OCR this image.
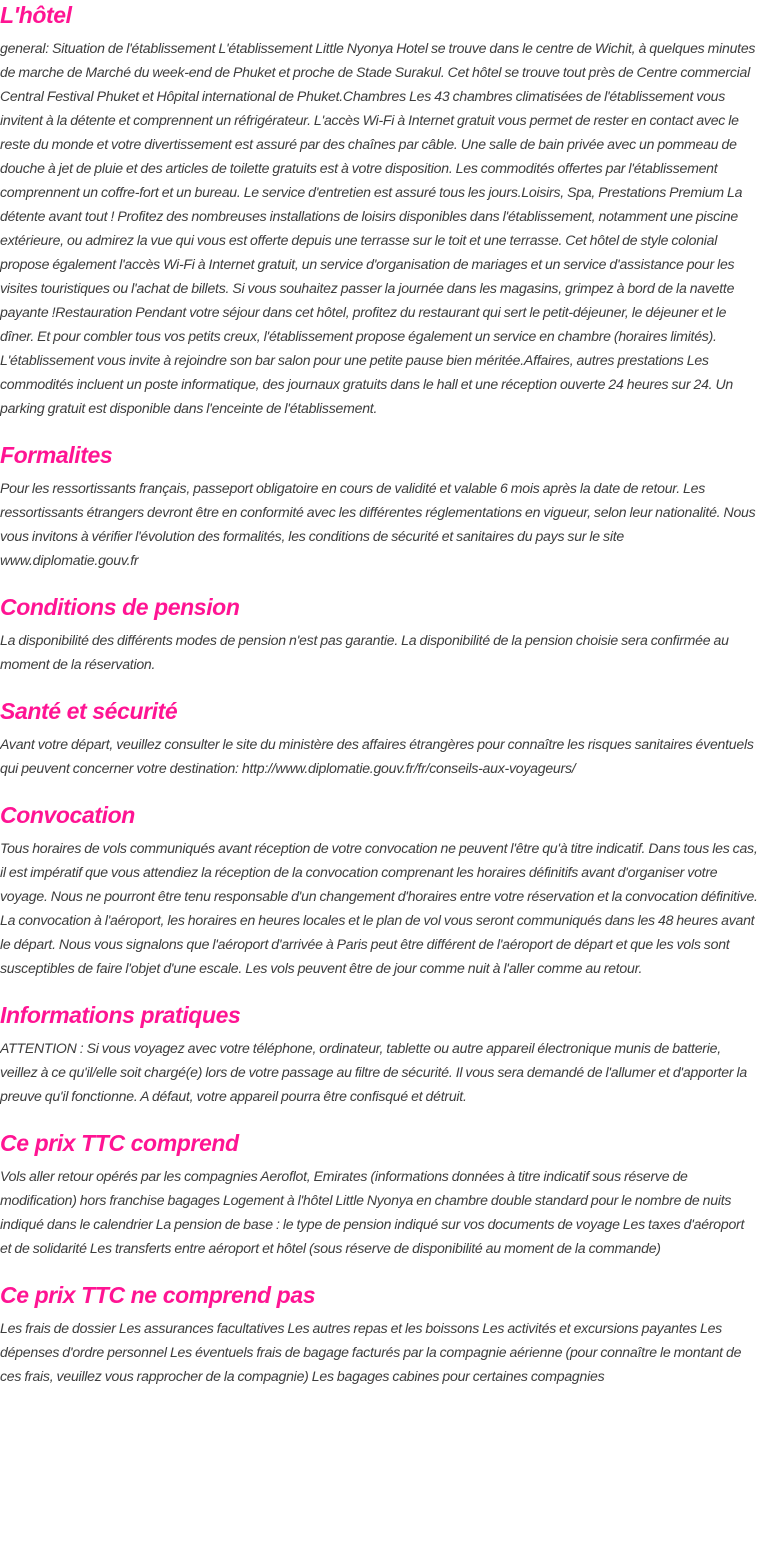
L'hôtel

general: Situation de l'établissement L'établissement Little Nyonya Hotel se trouve dans le centre de Wichit, à quelques minutes de marche de Marché du week-end de Phuket et proche de Stade Surakul. Cet hôtel se trouve tout près de Centre commercial Central Festival Phuket et Hôpital international de Phuket.Chambres Les 43 chambres climatisées de l'établissement vous invitent à la détente et comprennent un réfrigérateur. L'accès Wi-Fi à Internet gratuit vous permet de rester en contact avec le reste du monde et votre divertissement est assuré par des chaînes par câble. Une salle de bain privée avec un pommeau de douche à jet de pluie et des articles de toilette gratuits est à votre disposition. Les commodités offertes par l'établissement comprennent un coffre-fort et un bureau. Le service d'entretien est assuré tous les jours.Loisirs, Spa, Prestations Premium La détente avant tout ! Profitez des nombreuses installations de loisirs disponibles dans l'établissement, notamment une piscine extérieure, ou admirez la vue qui vous est offerte depuis une terrasse sur le toit et une terrasse. Cet hôtel de style colonial propose également l'accès Wi-Fi à Internet gratuit, un service d'organisation de mariages et un service d'assistance pour les visites touristiques ou l'achat de billets. Si vous souhaitez passer la journée dans les magasins, grimpez à bord de la navette payante !Restauration Pendant votre séjour dans cet hôtel, profitez du restaurant qui sert le petit-déjeuner, le déjeuner et le dîner. Et pour combler tous vos petits creux, l'établissement propose également un service en chambre (horaires limités). L'établissement vous invite à rejoindre son bar salon pour une petite pause bien méritée.Affaires, autres prestations Les commodités incluent un poste informatique, des journaux gratuits dans le hall et une réception ouverte 24 heures sur 24. Un parking gratuit est disponible dans l'enceinte de l'établissement.

Formalites

Pour les ressortissants français, passeport obligatoire en cours de validité et valable 6 mois après la date de retour. Les ressortissants étrangers devront être en conformité avec les différentes réglementations en vigueur, selon leur nationalité. Nous vous invitons à vérifier l'évolution des formalités, les conditions de sécurité et sanitaires du pays sur le site www.diplomatie.gouv.fr

Conditions de pension

La disponibilité des différents modes de pension n'est pas garantie. La disponibilité de la pension choisie sera confirmée au moment de la réservation.

Santé et sécurité

Avant votre départ, veuillez consulter le site du ministère des affaires étrangères pour connaître les risques sanitaires éventuels qui peuvent concerner votre destination: http://www.diplomatie.gouv.fr/fr/conseils-aux-voyageurs/

Convocation

Tous horaires de vols communiqués avant réception de votre convocation ne peuvent l'être qu'à titre indicatif. Dans tous les cas, il est impératif que vous attendiez la réception de la convocation comprenant les horaires définitifs avant d'organiser votre voyage. Nous ne pourront être tenu responsable d'un changement d'horaires entre votre réservation et la convocation définitive. La convocation à l'aéroport, les horaires en heures locales et le plan de vol vous seront communiqués dans les 48 heures avant le départ. Nous vous signalons que l'aéroport d'arrivée à Paris peut être différent de l'aéroport de départ et que les vols sont susceptibles de faire l'objet d'une escale. Les vols peuvent être de jour comme nuit à l'aller comme au retour.

Informations pratiques

ATTENTION : Si vous voyagez avec votre téléphone, ordinateur, tablette ou autre appareil électronique munis de batterie, veillez à ce qu'il/elle soit chargé(e) lors de votre passage au filtre de sécurité. Il vous sera demandé de l'allumer et d'apporter la preuve qu'il fonctionne. A défaut, votre appareil pourra être confisqué et détruit.

Ce prix TTC comprend

Vols aller retour opérés par les compagnies Aeroflot, Emirates (informations données à titre indicatif sous réserve de modification) hors franchise bagages Logement à l'hôtel Little Nyonya en chambre double standard pour le nombre de nuits indiqué dans le calendrier La pension de base : le type de pension indiqué sur vos documents de voyage Les taxes d'aéroport et de solidarité Les transferts entre aéroport et hôtel (sous réserve de disponibilité au moment de la commande)

Ce prix TTC ne comprend pas

Les frais de dossier Les assurances facultatives Les autres repas et les boissons Les activités et excursions payantes Les dépenses d'ordre personnel Les éventuels frais de bagage facturés par la compagnie aérienne (pour connaître le montant de ces frais, veuillez vous rapprocher de la compagnie) Les bagages cabines pour certaines compagnies
